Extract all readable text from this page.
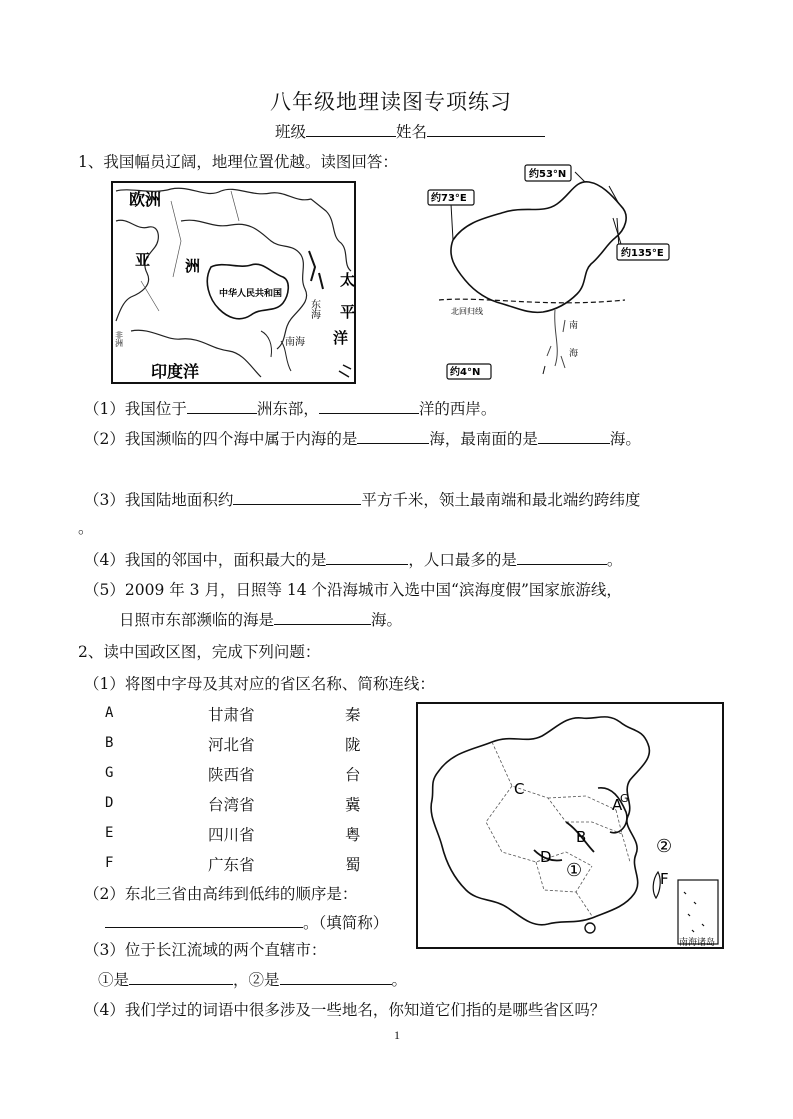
八年级地理读图专项练习
班级	姓名
1、我国幅员辽阔，地理位置优越。读图回答：
欧洲
亚 洲
中华人民共和国
东海
南海
太
平
洋
非洲
印度洋
约53°N
约73°E
约135°E
约4°N
北回归线
南
海
（1）我国位于	洲东部，	洋的西岸。
（2）我国濒临的四个海中属于内海的是	海，最南面的是	海。
（3）我国陆地面积约	平方千米，领土最南端和最北端约跨纬度
。
（4）我国的邻国中，面积最大的是	，人口最多的是	。
（5）2009 年 3 月，日照等 14 个沿海城市入选中国“滨海度假”国家旅游线，
日照市东部濒临的海是	海。
2、读中国政区图，完成下列问题：
（1）将图中字母及其对应的省区名称、简称连线：
A	甘肃省	秦
B	河北省	陇
G	陕西省	台
D	台湾省	冀
E	四川省	粤
F	广东省	蜀
C
A
G
B
D
F
①
②
南海诸岛
（2）东北三省由高纬到低纬的顺序是：
。（填简称）
（3）位于长江流域的两个直辖市：
①是	，②是	。
（4）我们学过的词语中很多涉及一些地名，你知道它们指的是哪些省区吗？
1
